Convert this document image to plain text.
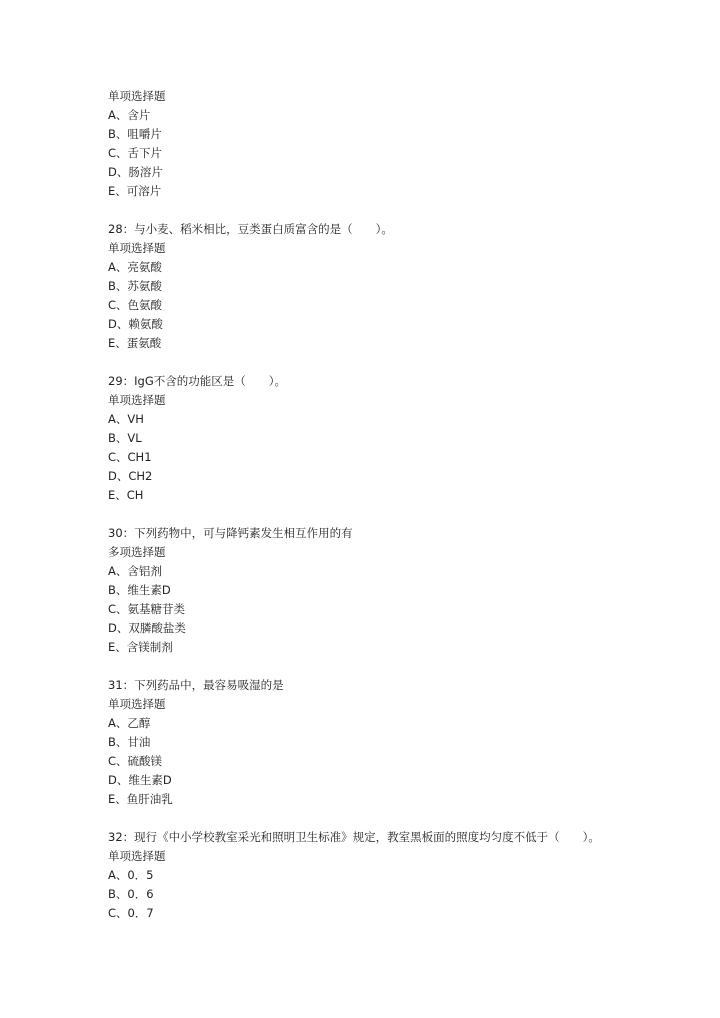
单项选择题
A、含片
B、咀嚼片
C、舌下片
D、肠溶片
E、可溶片
28：与小麦、稻米相比，豆类蛋白质富含的是（　　）。
单项选择题
A、亮氨酸
B、苏氨酸
C、色氨酸
D、赖氨酸
E、蛋氨酸
29：IgG不含的功能区是（　　）。
单项选择题
A、VH
B、VL
C、CH1
D、CH2
E、CH
30：下列药物中，可与降钙素发生相互作用的有
多项选择题
A、含铝剂
B、维生素D
C、氨基糖苷类
D、双膦酸盐类
E、含镁制剂
31：下列药品中，最容易吸湿的是
单项选择题
A、乙醇
B、甘油
C、硫酸镁
D、维生素D
E、鱼肝油乳
32：现行《中小学校教室采光和照明卫生标准》规定，教室黑板面的照度均匀度不低于（　　）。
单项选择题
A、0．5
B、0．6
C、0．7
